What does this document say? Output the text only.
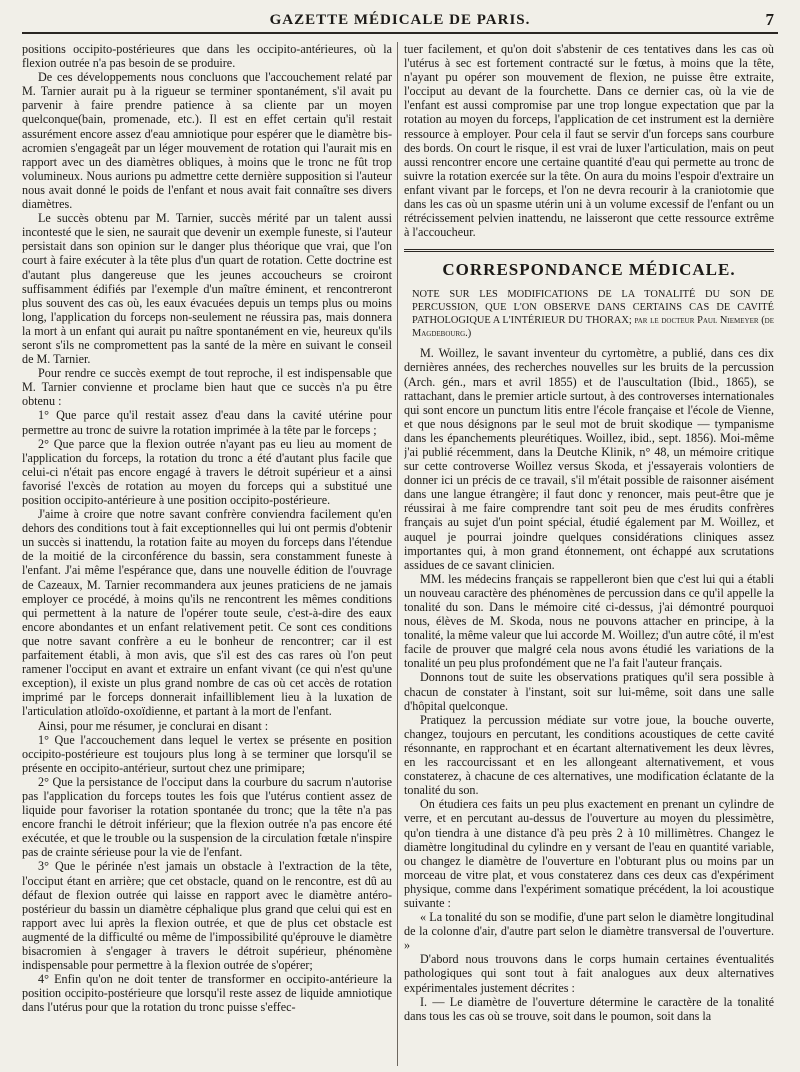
GAZETTE MÉDICALE DE PARIS.	7

positions occipito-postérieures que dans les occipito-antérieures, où la flexion outrée n'a pas besoin de se produire.

De ces développements nous concluons que l'accouchement relaté par M. Tarnier aurait pu à la rigueur se terminer spontanément, s'il avait pu parvenir à faire prendre patience à sa cliente par un moyen quelconque(bain, promenade, etc.). Il est en effet certain qu'il restait assurément encore assez d'eau amniotique pour espérer que le diamètre bis-acromien s'engageât par un léger mouvement de rotation qui l'aurait mis en rapport avec un des diamètres obliques, à moins que le tronc ne fût trop volumineux. Nous aurions pu admettre cette dernière supposition si l'auteur nous avait donné le poids de l'enfant et nous avait fait connaître ses divers diamètres.

Le succès obtenu par M. Tarnier, succès mérité par un talent aussi incontesté que le sien, ne saurait que devenir un exemple funeste, si l'auteur persistait dans son opinion sur le danger plus théorique que vrai, que l'on court à faire exécuter à la tête plus d'un quart de rotation. Cette doctrine est d'autant plus dangereuse que les jeunes accoucheurs se croiront suffisamment édifiés par l'exemple d'un maître éminent, et rencontreront plus souvent des cas où, les eaux évacuées depuis un temps plus ou moins long, l'application du forceps non-seulement ne réussira pas, mais donnera la mort à un enfant qui aurait pu naître spontanément en vie, heureux qu'ils seront s'ils ne compromettent pas la santé de la mère en suivant le conseil de M. Tarnier.

Pour rendre ce succès exempt de tout reproche, il est indispensable que M. Tarnier convienne et proclame bien haut que ce succès n'a pu être obtenu :

1° Que parce qu'il restait assez d'eau dans la cavité utérine pour permettre au tronc de suivre la rotation imprimée à la tête par le forceps ;

2° Que parce que la flexion outrée n'ayant pas eu lieu au moment de l'application du forceps, la rotation du tronc a été d'autant plus facile que celui-ci n'était pas encore engagé à travers le détroit supérieur et a ainsi favorisé l'excès de rotation au moyen du forceps qui a substitué une position occipito-antérieure à une position occipito-postérieure.

J'aime à croire que notre savant confrère conviendra facilement qu'en dehors des conditions tout à fait exceptionnelles qui lui ont permis d'obtenir un succès si inattendu, la rotation faite au moyen du forceps dans l'étendue de la moitié de la circonférence du bassin, sera constamment funeste à l'enfant. J'ai même l'espérance que, dans une nouvelle édition de l'ouvrage de Cazeaux, M. Tarnier recommandera aux jeunes praticiens de ne jamais employer ce procédé, à moins qu'ils ne rencontrent les mêmes conditions qui permettent à la nature de l'opérer toute seule, c'est-à-dire des eaux encore abondantes et un enfant relativement petit. Ce sont ces conditions que notre savant confrère a eu le bonheur de rencontrer; car il est parfaitement établi, à mon avis, que s'il est des cas rares où l'on peut ramener l'occiput en avant et extraire un enfant vivant (ce qui n'est qu'une exception), il existe un plus grand nombre de cas où cet accès de rotation imprimé par le forceps donnerait infailliblement lieu à la luxation de l'articulation atloïdo-oxoïdienne, et partant à la mort de l'enfant.

Ainsi, pour me résumer, je conclurai en disant :

1° Que l'accouchement dans lequel le vertex se présente en position occipito-postérieure est toujours plus long à se terminer que lorsqu'il se présente en occipito-antérieur, surtout chez une primipare;

2° Que la persistance de l'occiput dans la courbure du sacrum n'autorise pas l'application du forceps toutes les fois que l'utérus contient assez de liquide pour favoriser la rotation spontanée du tronc; que la tête n'a pas encore franchi le détroit inférieur; que la flexion outrée n'a pas encore été exécutée, et que le trouble ou la suspension de la circulation fœtale n'inspire pas de crainte sérieuse pour la vie de l'enfant.

3° Que le périnée n'est jamais un obstacle à l'extraction de la tête, l'occiput étant en arrière; que cet obstacle, quand on le rencontre, est dû au défaut de flexion outrée qui laisse en rapport avec le diamètre antéro-postérieur du bassin un diamètre céphalique plus grand que celui qui est en rapport avec lui après la flexion outrée, et que de plus cet obstacle est augmenté de la difficulté ou même de l'impossibilité qu'éprouve le diamètre bisacromien à s'engager à travers le détroit supérieur, phénomène indispensable pour permettre à la flexion outrée de s'opérer;

4° Enfin qu'on ne doit tenter de transformer en occipito-antérieure la position occipito-postérieure que lorsqu'il reste assez de liquide amniotique dans l'utérus pour que la rotation du tronc puisse s'effec-

tuer facilement, et qu'on doit s'abstenir de ces tentatives dans les cas où l'utérus à sec est fortement contracté sur le fœtus, à moins que la tête, n'ayant pu opérer son mouvement de flexion, ne puisse être extraite, l'occiput au devant de la fourchette. Dans ce dernier cas, où la vie de l'enfant est aussi compromise par une trop longue expectation que par la rotation au moyen du forceps, l'application de cet instrument est la dernière ressource à employer. Pour cela il faut se servir d'un forceps sans courbure des bords. On court le risque, il est vrai de luxer l'articulation, mais on peut aussi rencontrer encore une certaine quantité d'eau qui permette au tronc de suivre la rotation exercée sur la tête. On aura du moins l'espoir d'extraire un enfant vivant par le forceps, et l'on ne devra recourir à la craniotomie que dans les cas où un spasme utérin uni à un volume excessif de l'enfant ou un rétrécissement pelvien inattendu, ne laisseront que cette ressource extrême à l'accoucheur.

CORRESPONDANCE MÉDICALE.
NOTE SUR LES MODIFICATIONS DE LA TONALITÉ DU SON DE PERCUSSION, QUE L'ON OBSERVE DANS CERTAINS CAS DE CAVITÉ PATHOLOGIQUE A L'INTÉRIEUR DU THORAX; par le docteur Paul Niemeyer (de Magdebourg.)

M. Woillez, le savant inventeur du cyrtomètre, a publié, dans ces dix dernières années, des recherches nouvelles sur les bruits de la percussion (Arch. gén., mars et avril 1855) et de l'auscultation (Ibid., 1865), se rattachant, dans le premier article surtout, à des controverses internationales qui sont encore un punctum litis entre l'école française et l'école de Vienne, et que nous désignons par le seul mot de bruit skodique — tympanisme dans les épanchements pleurétiques. Woillez, ibid., sept. 1856). Moi-même j'ai publié récemment, dans la Deutche Klinik, n° 48, un mémoire critique sur cette controverse Woillez versus Skoda, et j'essayerais volontiers de donner ici un précis de ce travail, s'il m'était possible de raisonner aisément dans une langue étrangère; il faut donc y renoncer, mais peut-être que je réussirai à me faire comprendre tant soit peu de mes érudits confrères français au sujet d'un point spécial, étudié également par M. Woillez, et auquel je pourrai joindre quelques considérations cliniques assez importantes qui, à mon grand étonnement, ont échappé aux scrutations assidues de ce savant clinicien.

MM. les médecins français se rappelleront bien que c'est lui qui a établi un nouveau caractère des phénomènes de percussion dans ce qu'il appelle la tonalité du son. Dans le mémoire cité ci-dessus, j'ai démontré pourquoi nous, élèves de M. Skoda, nous ne pouvons attacher en principe, à la tonalité, la même valeur que lui accorde M. Woillez; d'un autre côté, il m'est facile de prouver que malgré cela nous avons étudié les variations de la tonalité un peu plus profondément que ne l'a fait l'auteur français.

Donnons tout de suite les observations pratiques qu'il sera possible à chacun de constater à l'instant, soit sur lui-même, soit dans une salle d'hôpital quelconque.

Pratiquez la percussion médiate sur votre joue, la bouche ouverte, changez, toujours en percutant, les conditions acoustiques de cette cavité résonnante, en rapprochant et en écartant alternativement les deux lèvres, en les raccourcissant et en les allongeant alternativement, et vous constaterez, à chacune de ces alternatives, une modification éclatante de la tonalité du son.

On étudiera ces faits un peu plus exactement en prenant un cylindre de verre, et en percutant au-dessus de l'ouverture au moyen du plessimètre, qu'on tiendra à une distance d'à peu près 2 à 10 millimètres. Changez le diamètre longitudinal du cylindre en y versant de l'eau en quantité variable, ou changez le diamètre de l'ouverture en l'obturant plus ou moins par un morceau de vitre plat, et vous constaterez dans ces deux cas d'expériment physique, comme dans l'expériment somatique précédent, la loi acoustique suivante :

« La tonalité du son se modifie, d'une part selon le diamètre longitudinal de la colonne d'air, d'autre part selon le diamètre transversal de l'ouverture. »

D'abord nous trouvons dans le corps humain certaines éventualités pathologiques qui sont tout à fait analogues aux deux alternatives expérimentales justement décrites :

I. — Le diamètre de l'ouverture détermine le caractère de la tonalité dans tous les cas où se trouve, soit dans le poumon, soit dans la
